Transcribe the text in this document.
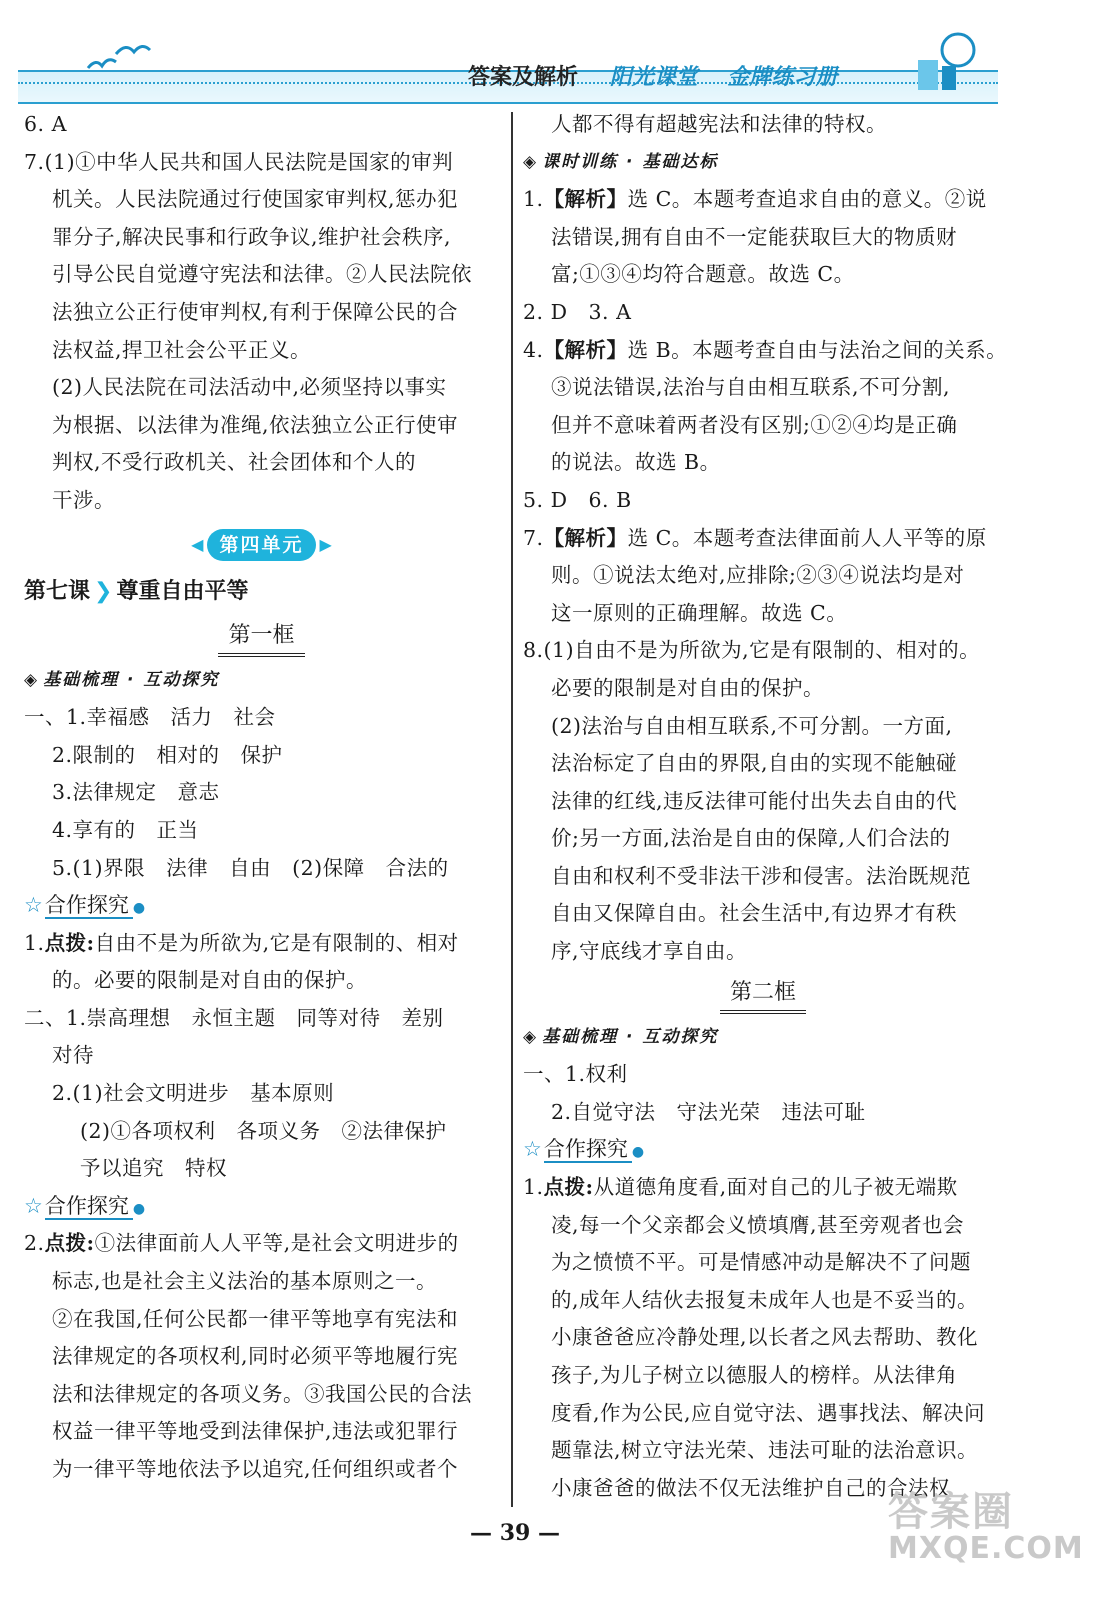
答案及解析 阳光课堂 金牌练习册
6. A
7.(1)①中华人民共和国人民法院是国家的审判
机关。人民法院通过行使国家审判权,惩办犯
罪分子,解决民事和行政争议,维护社会秩序,
引导公民自觉遵守宪法和法律。②人民法院依
法独立公正行使审判权,有利于保障公民的合
法权益,捍卫社会公平正义。
(2)人民法院在司法活动中,必须坚持以事实
为根据、以法律为准绳,依法独立公正行使审
判权,不受行政机关、社会团体和个人的
干涉。
◀ 第四单元	▶
第七课 ❯ 尊重自由平等
第一框
◈ 基础梳理 · 互动探究
一、1.幸福感　活力　社会
2.限制的　相对的　保护
3.法律规定　意志
4.享有的　正当
5.(1)界限　法律　自由　(2)保障　合法的
☆合作探究 ●
1.点拨:自由不是为所欲为,它是有限制的、相对
的。必要的限制是对自由的保护。
二、1.崇高理想　永恒主题　同等对待　差别
对待
2.(1)社会文明进步　基本原则
(2)①各项权利　各项义务　②法律保护
予以追究　特权
☆合作探究 ●
2.点拨:①法律面前人人平等,是社会文明进步的
标志,也是社会主义法治的基本原则之一。
②在我国,任何公民都一律平等地享有宪法和
法律规定的各项权利,同时必须平等地履行宪
法和法律规定的各项义务。③我国公民的合法
权益一律平等地受到法律保护,违法或犯罪行
为一律平等地依法予以追究,任何组织或者个
人都不得有超越宪法和法律的特权。
◈ 课时训练 · 基础达标
1.【解析】选 C。本题考查追求自由的意义。②说
法错误,拥有自由不一定能获取巨大的物质财
富;①③④均符合题意。故选 C。
2. D　3. A
4.【解析】选 B。本题考查自由与法治之间的关系。
③说法错误,法治与自由相互联系,不可分割,
但并不意味着两者没有区别;①②④均是正确
的说法。故选 B。
5. D　6. B
7.【解析】选 C。本题考查法律面前人人平等的原
则。①说法太绝对,应排除;②③④说法均是对
这一原则的正确理解。故选 C。
8.(1)自由不是为所欲为,它是有限制的、相对的。
必要的限制是对自由的保护。
(2)法治与自由相互联系,不可分割。一方面,
法治标定了自由的界限,自由的实现不能触碰
法律的红线,违反法律可能付出失去自由的代
价;另一方面,法治是自由的保障,人们合法的
自由和权利不受非法干涉和侵害。法治既规范
自由又保障自由。社会生活中,有边界才有秩
序,守底线才享自由。
第二框
◈ 基础梳理 · 互动探究
一、1.权利
2.自觉守法　守法光荣　违法可耻
☆合作探究 ●
1.点拨:从道德角度看,面对自己的儿子被无端欺
凌,每一个父亲都会义愤填膺,甚至旁观者也会
为之愤愤不平。可是情感冲动是解决不了问题
的,成年人结伙去报复未成年人也是不妥当的。
小康爸爸应冷静处理,以长者之风去帮助、教化
孩子,为儿子树立以德服人的榜样。从法律角
度看,作为公民,应自觉守法、遇事找法、解决问
题靠法,树立守法光荣、违法可耻的法治意识。
小康爸爸的做法不仅无法维护自己的合法权
— 39 —	答案圈
MXQE.COM
